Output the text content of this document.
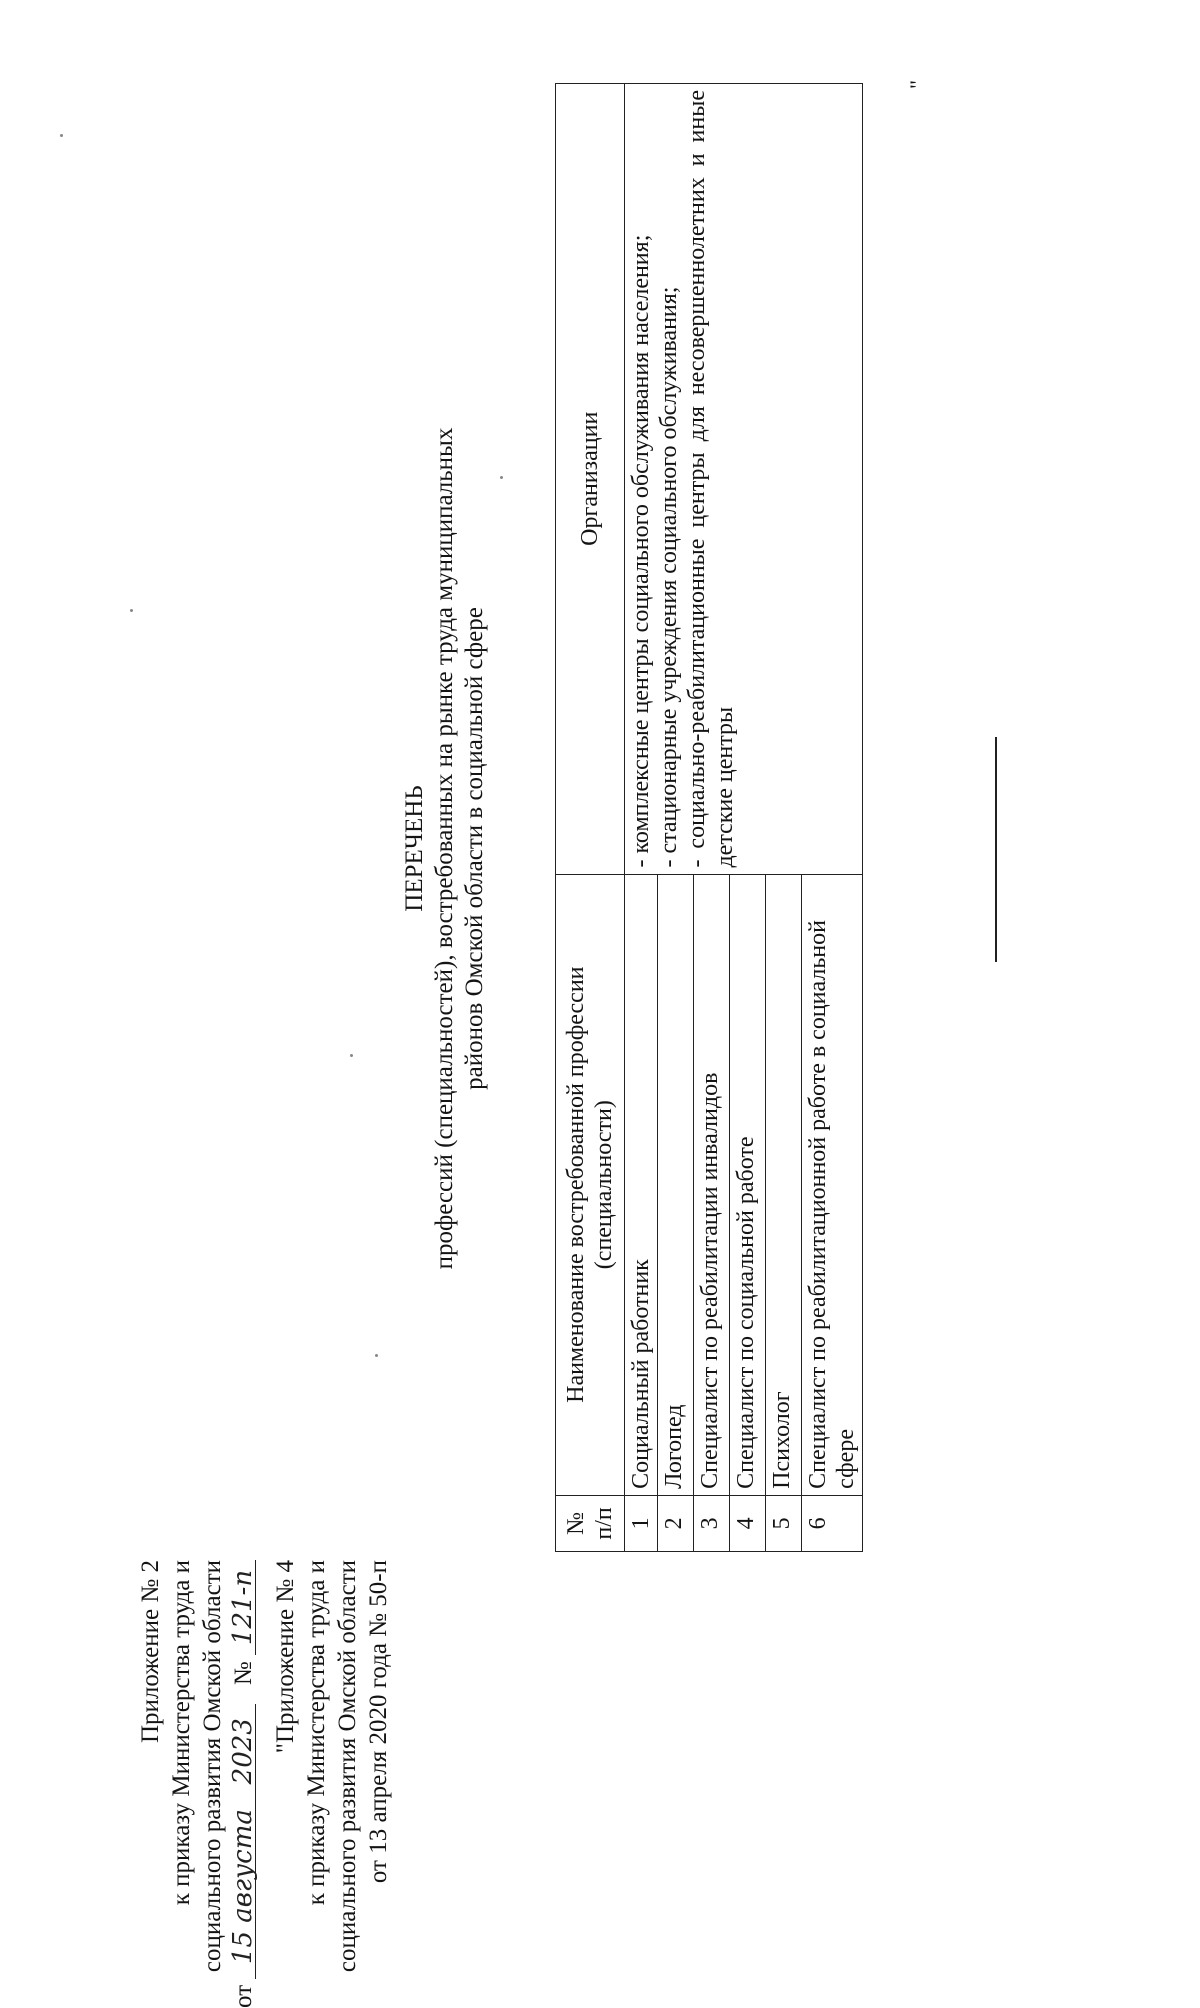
Приложение № 2 к приказу Министерства труда и социального развития Омской области
от 15 августа   2023  № 121-п "Приложение № 4 к приказу Министерства труда и социального развития Омской области от 13 апреля 2020 года № 50-п
ПЕРЕЧЕНЬ профессий (специальностей), востребованных на рынке труда муниципальных районов Омской области в социальной сфере
№ п/п	Наименование востребованной профессии (специальности)	Организации
1	Социальный работник	- комплексные центры социального обслуживания населения; - стационарные учреждения социального обслуживания; - социально-реабилитационные центры для несовершеннолетних и иные детские центры

2	Логопед	
3	Специалист по реабилитации инвалидов	
4	Специалист по социальной работе	
5	Психолог	
6	Специалист по реабилитационной работе в социальной сфере	
"
